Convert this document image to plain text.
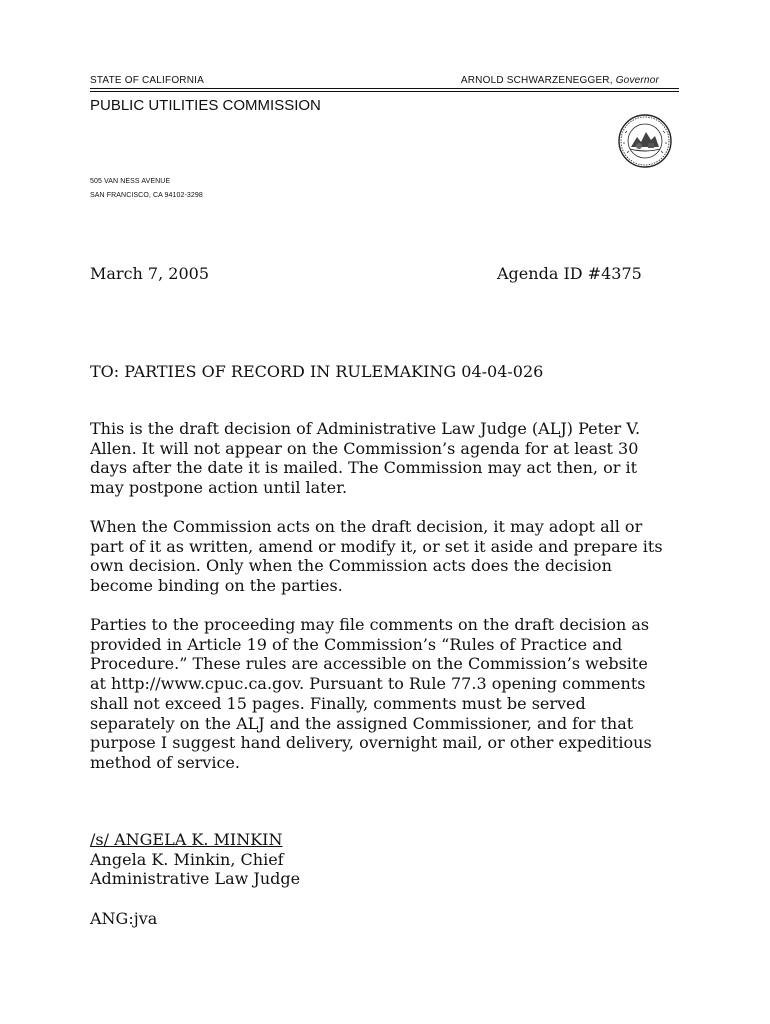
STATE OF CALIFORNIA	ARNOLD SCHWARZENEGGER, Governor
PUBLIC UTILITIES COMMISSION
505 VAN NESS AVENUE
SAN FRANCISCO, CA 94102-3298
March 7, 2005	Agenda ID #4375
TO: PARTIES OF RECORD IN RULEMAKING 04-04-026

This is the draft decision of Administrative Law Judge (ALJ) Peter V.
Allen. It will not appear on the Commission’s agenda for at least 30
days after the date it is mailed. The Commission may act then, or it
may postpone action until later.

When the Commission acts on the draft decision, it may adopt all or
part of it as written, amend or modify it, or set it aside and prepare its
own decision. Only when the Commission acts does the decision
become binding on the parties.

Parties to the proceeding may file comments on the draft decision as
provided in Article 19 of the Commission’s “Rules of Practice and
Procedure.” These rules are accessible on the Commission’s website
at http://www.cpuc.ca.gov. Pursuant to Rule 77.3 opening comments
shall not exceed 15 pages. Finally, comments must be served
separately on the ALJ and the assigned Commissioner, and for that
purpose I suggest hand delivery, overnight mail, or other expeditious
method of service.

/s/ ANGELA K. MINKIN
Angela K. Minkin, Chief
Administrative Law Judge
ANG:jva
